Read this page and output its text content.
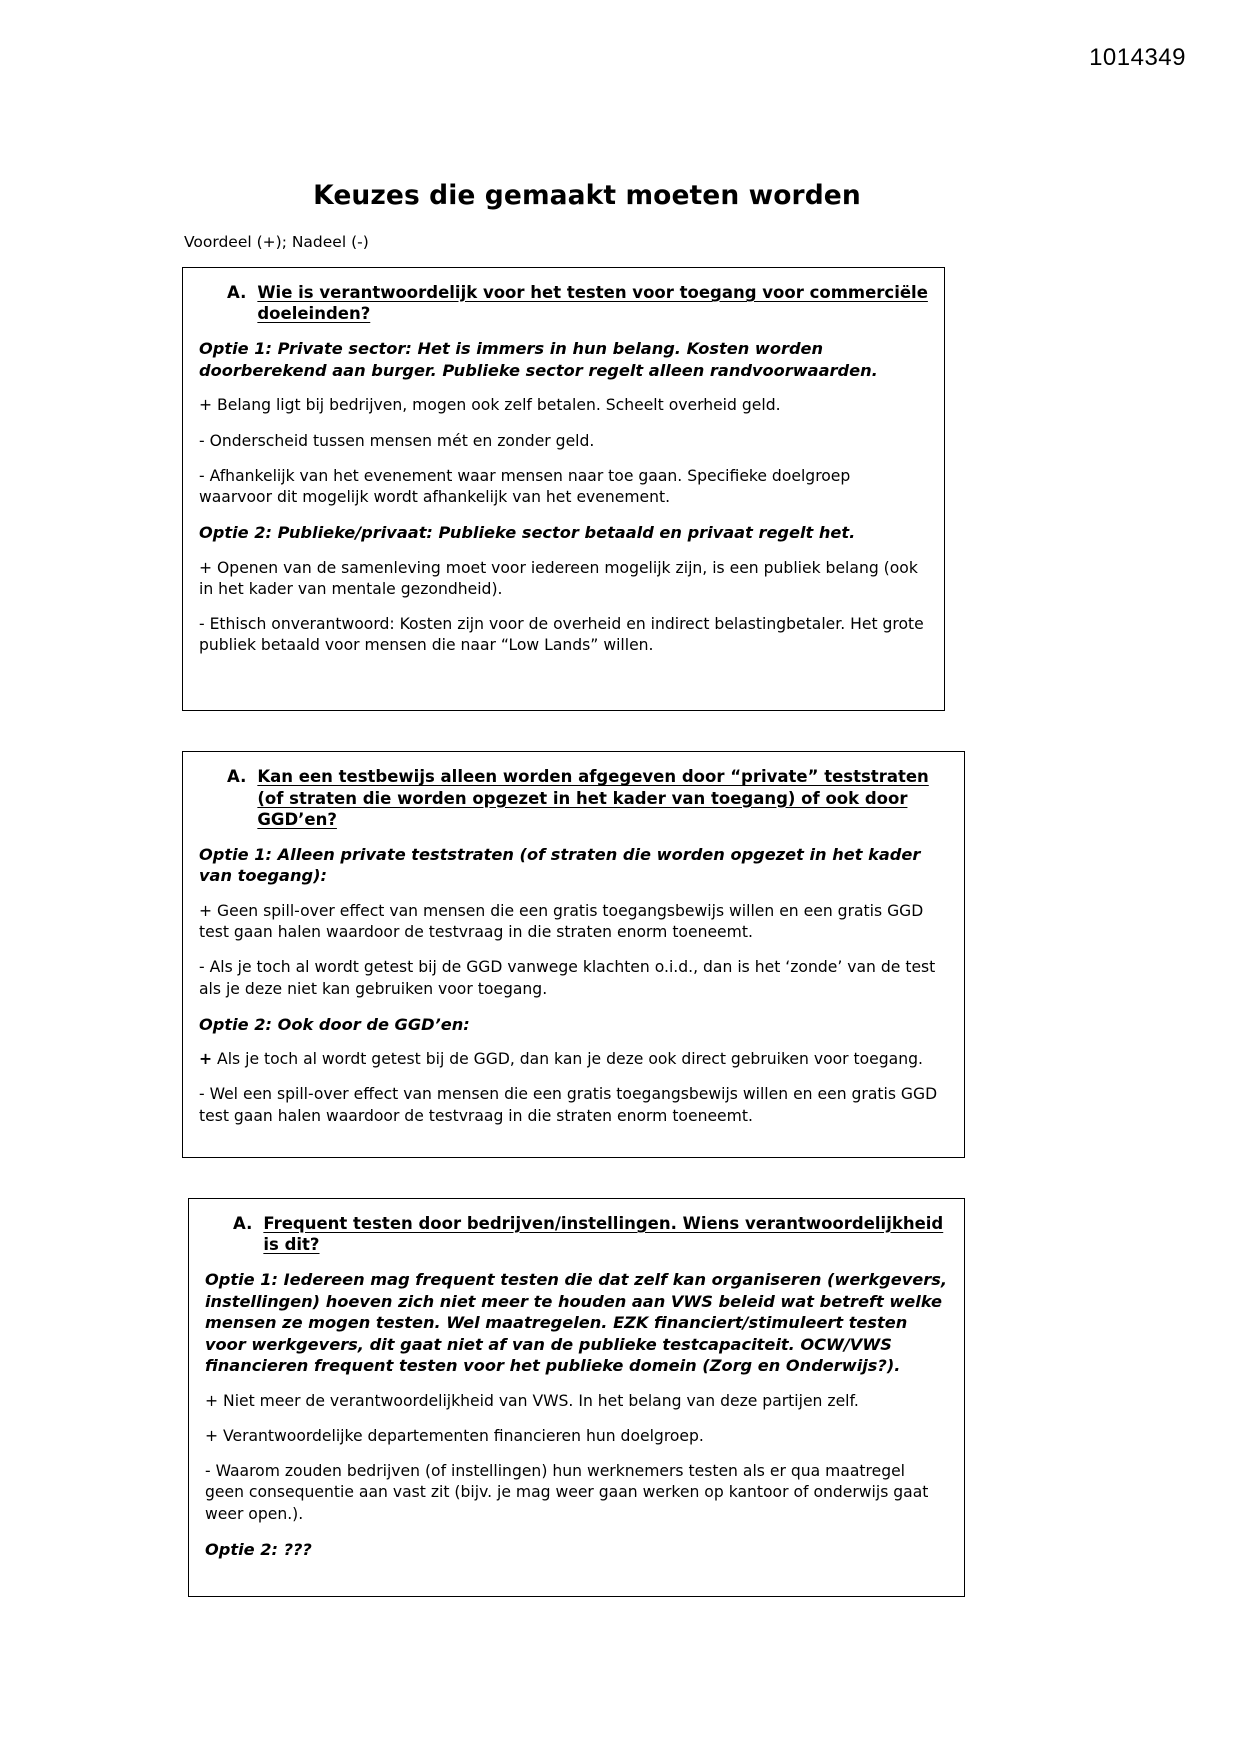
1014349
Keuzes die gemaakt moeten worden
Voordeel (+); Nadeel (-)
A. Wie is verantwoordelijk voor het testen voor toegang voor commerciële doeleinden?

Optie 1: Private sector: Het is immers in hun belang. Kosten worden doorberekend aan burger. Publieke sector regelt alleen randvoorwaarden.

+ Belang ligt bij bedrijven, mogen ook zelf betalen. Scheelt overheid geld.

- Onderscheid tussen mensen mét en zonder geld.

- Afhankelijk van het evenement waar mensen naar toe gaan. Specifieke doelgroep waarvoor dit mogelijk wordt afhankelijk van het evenement.

Optie 2: Publieke/privaat: Publieke sector betaald en privaat regelt het.

+ Openen van de samenleving moet voor iedereen mogelijk zijn, is een publiek belang (ook in het kader van mentale gezondheid).

- Ethisch onverantwoord: Kosten zijn voor de overheid en indirect belastingbetaler. Het grote publiek betaald voor mensen die naar “Low Lands” willen.

A. Kan een testbewijs alleen worden afgegeven door “private” teststraten (of straten die worden opgezet in het kader van toegang) of ook door GGD’en?

Optie 1: Alleen private teststraten (of straten die worden opgezet in het kader van toegang):

+ Geen spill-over effect van mensen die een gratis toegangsbewijs willen en een gratis GGD test gaan halen waardoor de testvraag in die straten enorm toeneemt.

- Als je toch al wordt getest bij de GGD vanwege klachten o.i.d., dan is het ‘zonde’ van de test als je deze niet kan gebruiken voor toegang.

Optie 2: Ook door de GGD’en:

+ Als je toch al wordt getest bij de GGD, dan kan je deze ook direct gebruiken voor toegang.

- Wel een spill-over effect van mensen die een gratis toegangsbewijs willen en een gratis GGD test gaan halen waardoor de testvraag in die straten enorm toeneemt.

A. Frequent testen door bedrijven/instellingen. Wiens verantwoordelijkheid is dit?

Optie 1: Iedereen mag frequent testen die dat zelf kan organiseren (werkgevers, instellingen) hoeven zich niet meer te houden aan VWS beleid wat betreft welke mensen ze mogen testen. Wel maatregelen. EZK financiert/stimuleert testen voor werkgevers, dit gaat niet af van de publieke testcapaciteit. OCW/VWS financieren frequent testen voor het publieke domein (Zorg en Onderwijs?).

+ Niet meer de verantwoordelijkheid van VWS. In het belang van deze partijen zelf.

+ Verantwoordelijke departementen financieren hun doelgroep.

- Waarom zouden bedrijven (of instellingen) hun werknemers testen als er qua maatregel geen consequentie aan vast zit (bijv. je mag weer gaan werken op kantoor of onderwijs gaat weer open.).

Optie 2: ???
